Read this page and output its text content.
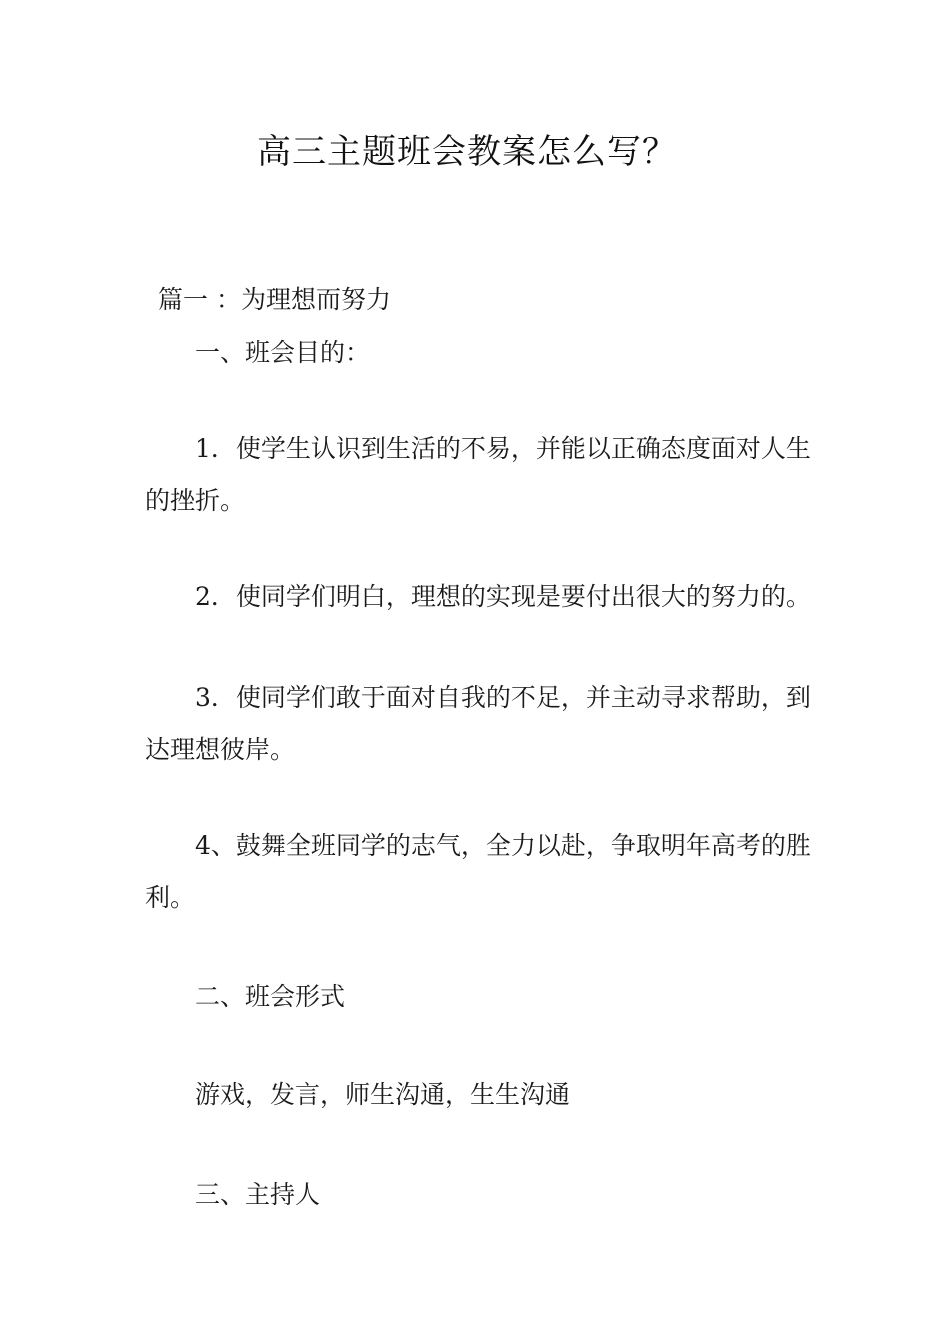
高三主题班会教案怎么写？
篇一 ：为理想而努力
一、班会目的：
1．使学生认识到生活的不易，并能以正确态度面对人生的挫折。
2．使同学们明白，理想的实现是要付出很大的努力的。
3．使同学们敢于面对自我的不足，并主动寻求帮助，到达理想彼岸。
4、鼓舞全班同学的志气，全力以赴，争取明年高考的胜利。
二、班会形式
游戏，发言，师生沟通，生生沟通
三、主持人
